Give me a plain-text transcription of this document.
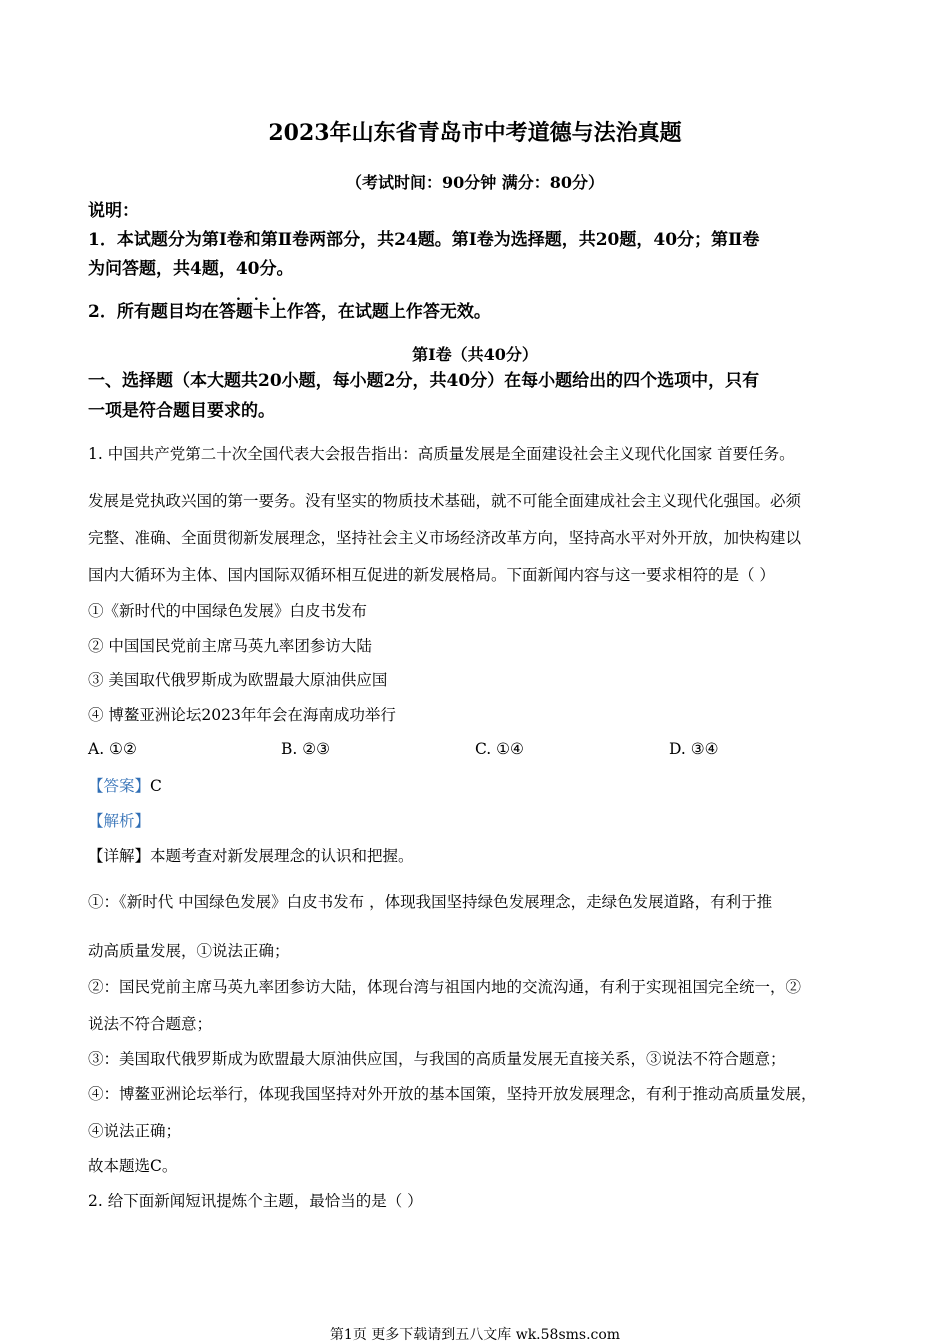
2023年山东省青岛市中考道德与法治真题
（考试时间：90分钟 满分：80分）
说明：
1．本试题分为第Ⅰ卷和第Ⅱ卷两部分，共24题。第Ⅰ卷为选择题，共20题，40分；第Ⅱ卷
为问答题，共4题，40分。
...
2．所有题目均在答题卡上作答，在试题上作答无效。
第Ⅰ卷（共40分）
一、选择题（本大题共20小题，每小题2分，共40分）在每小题给出的四个选项中，只有
一项是符合题目要求的。
1. 中国共产党第二十次全国代表大会报告指出：高质量发展是全面建设社会主义现代化国家 首要任务。
发展是党执政兴国的第一要务。没有坚实的物质技术基础，就不可能全面建成社会主义现代化强国。必须
完整、准确、全面贯彻新发展理念，坚持社会主义市场经济改革方向，坚持高水平对外开放，加快构建以
国内大循环为主体、国内国际双循环相互促进的新发展格局。下面新闻内容与这一要求相符的是（ ）
①《新时代的中国绿色发展》白皮书发布
② 中国国民党前主席马英九率团参访大陆
③ 美国取代俄罗斯成为欧盟最大原油供应国
④ 博鳌亚洲论坛2023年年会在海南成功举行
A. ①②	B. ②③	C. ①④	D. ③④
【答案】C
【解析】
【详解】本题考查对新发展理念的认识和把握。
①：《新时代 中国绿色发展》白皮书发布 ，体现我国坚持绿色发展理念，走绿色发展道路，有利于推
动高质量发展，①说法正确；
②：国民党前主席马英九率团参访大陆，体现台湾与祖国内地的交流沟通，有利于实现祖国完全统一，②
说法不符合题意；
③：美国取代俄罗斯成为欧盟最大原油供应国，与我国的高质量发展无直接关系，③说法不符合题意；
④：博鳌亚洲论坛举行，体现我国坚持对外开放的基本国策，坚持开放发展理念，有利于推动高质量发展，
④说法正确；
故本题选C。
2. 给下面新闻短讯提炼个主题，最恰当的是（ ）
第1页 更多下载请到五八文库 wk.58sms.com
